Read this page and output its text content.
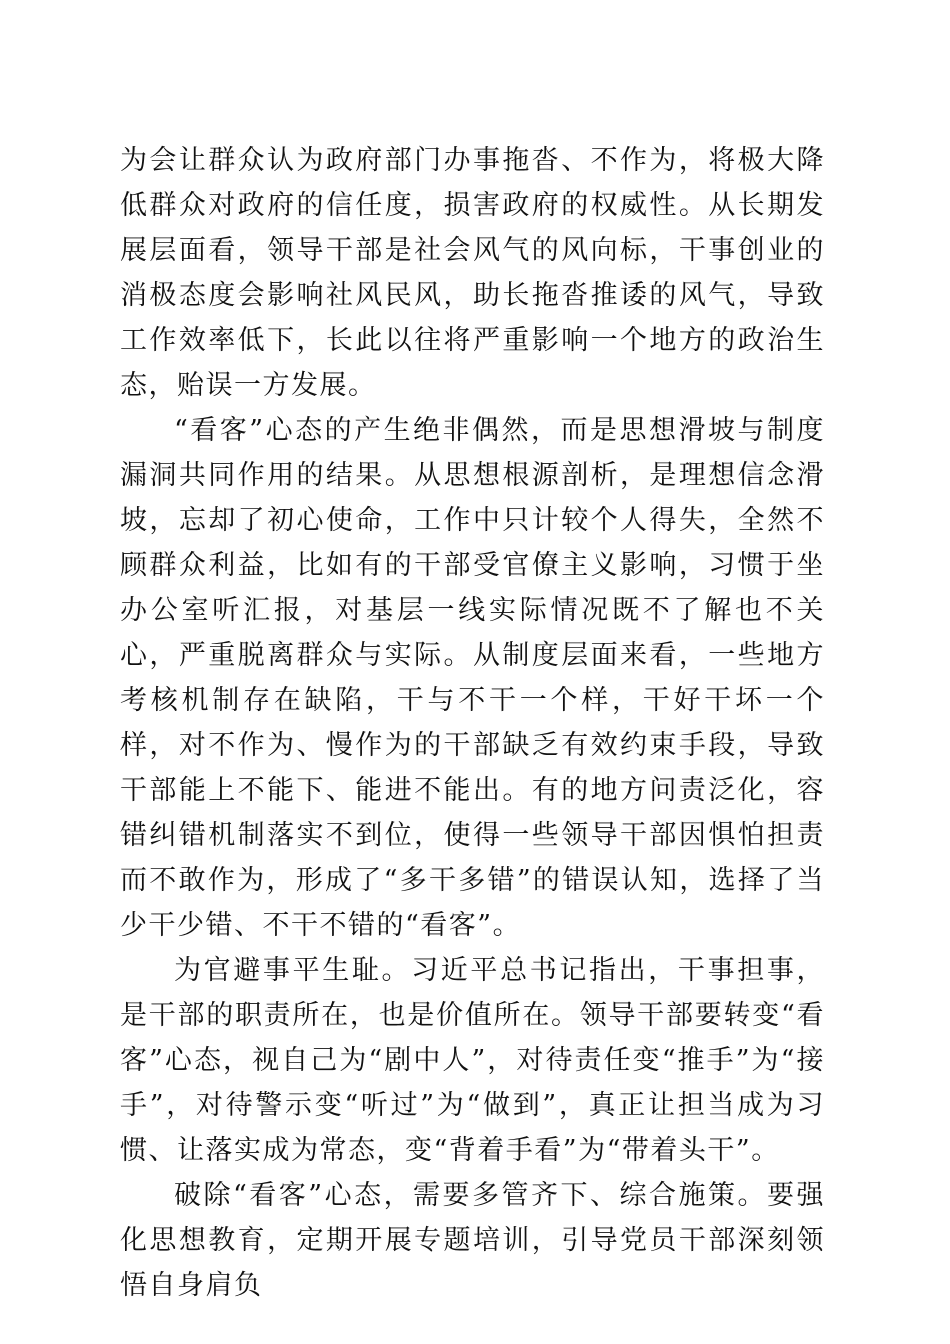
为会让群众认为政府部门办事拖沓、不作为，将极大降低群众对政府的信任度，损害政府的权威性。从长期发展层面看，领导干部是社会风气的风向标，干事创业的消极态度会影响社风民风，助长拖沓推诿的风气，导致工作效率低下，长此以往将严重影响一个地方的政治生态，贻误一方发展。

“看客”心态的产生绝非偶然，而是思想滑坡与制度漏洞共同作用的结果。从思想根源剖析，是理想信念滑坡，忘却了初心使命，工作中只计较个人得失，全然不顾群众利益，比如有的干部受官僚主义影响，习惯于坐办公室听汇报，对基层一线实际情况既不了解也不关心，严重脱离群众与实际。从制度层面来看，一些地方考核机制存在缺陷，干与不干一个样，干好干坏一个样，对不作为、慢作为的干部缺乏有效约束手段，导致干部能上不能下、能进不能出。有的地方问责泛化，容错纠错机制落实不到位，使得一些领导干部因惧怕担责而不敢作为，形成了“多干多错”的错误认知，选择了当少干少错、不干不错的“看客”。

为官避事平生耻。习近平总书记指出，干事担事，是干部的职责所在，也是价值所在。领导干部要转变“看客”心态，视自己为“剧中人”，对待责任变“推手”为“接手”，对待警示变“听过”为“做到”，真正让担当成为习惯、让落实成为常态，变“背着手看”为“带着头干”。

破除“看客”心态，需要多管齐下、综合施策。要强化思想教育，定期开展专题培训，引导党员干部深刻领悟自身肩负
